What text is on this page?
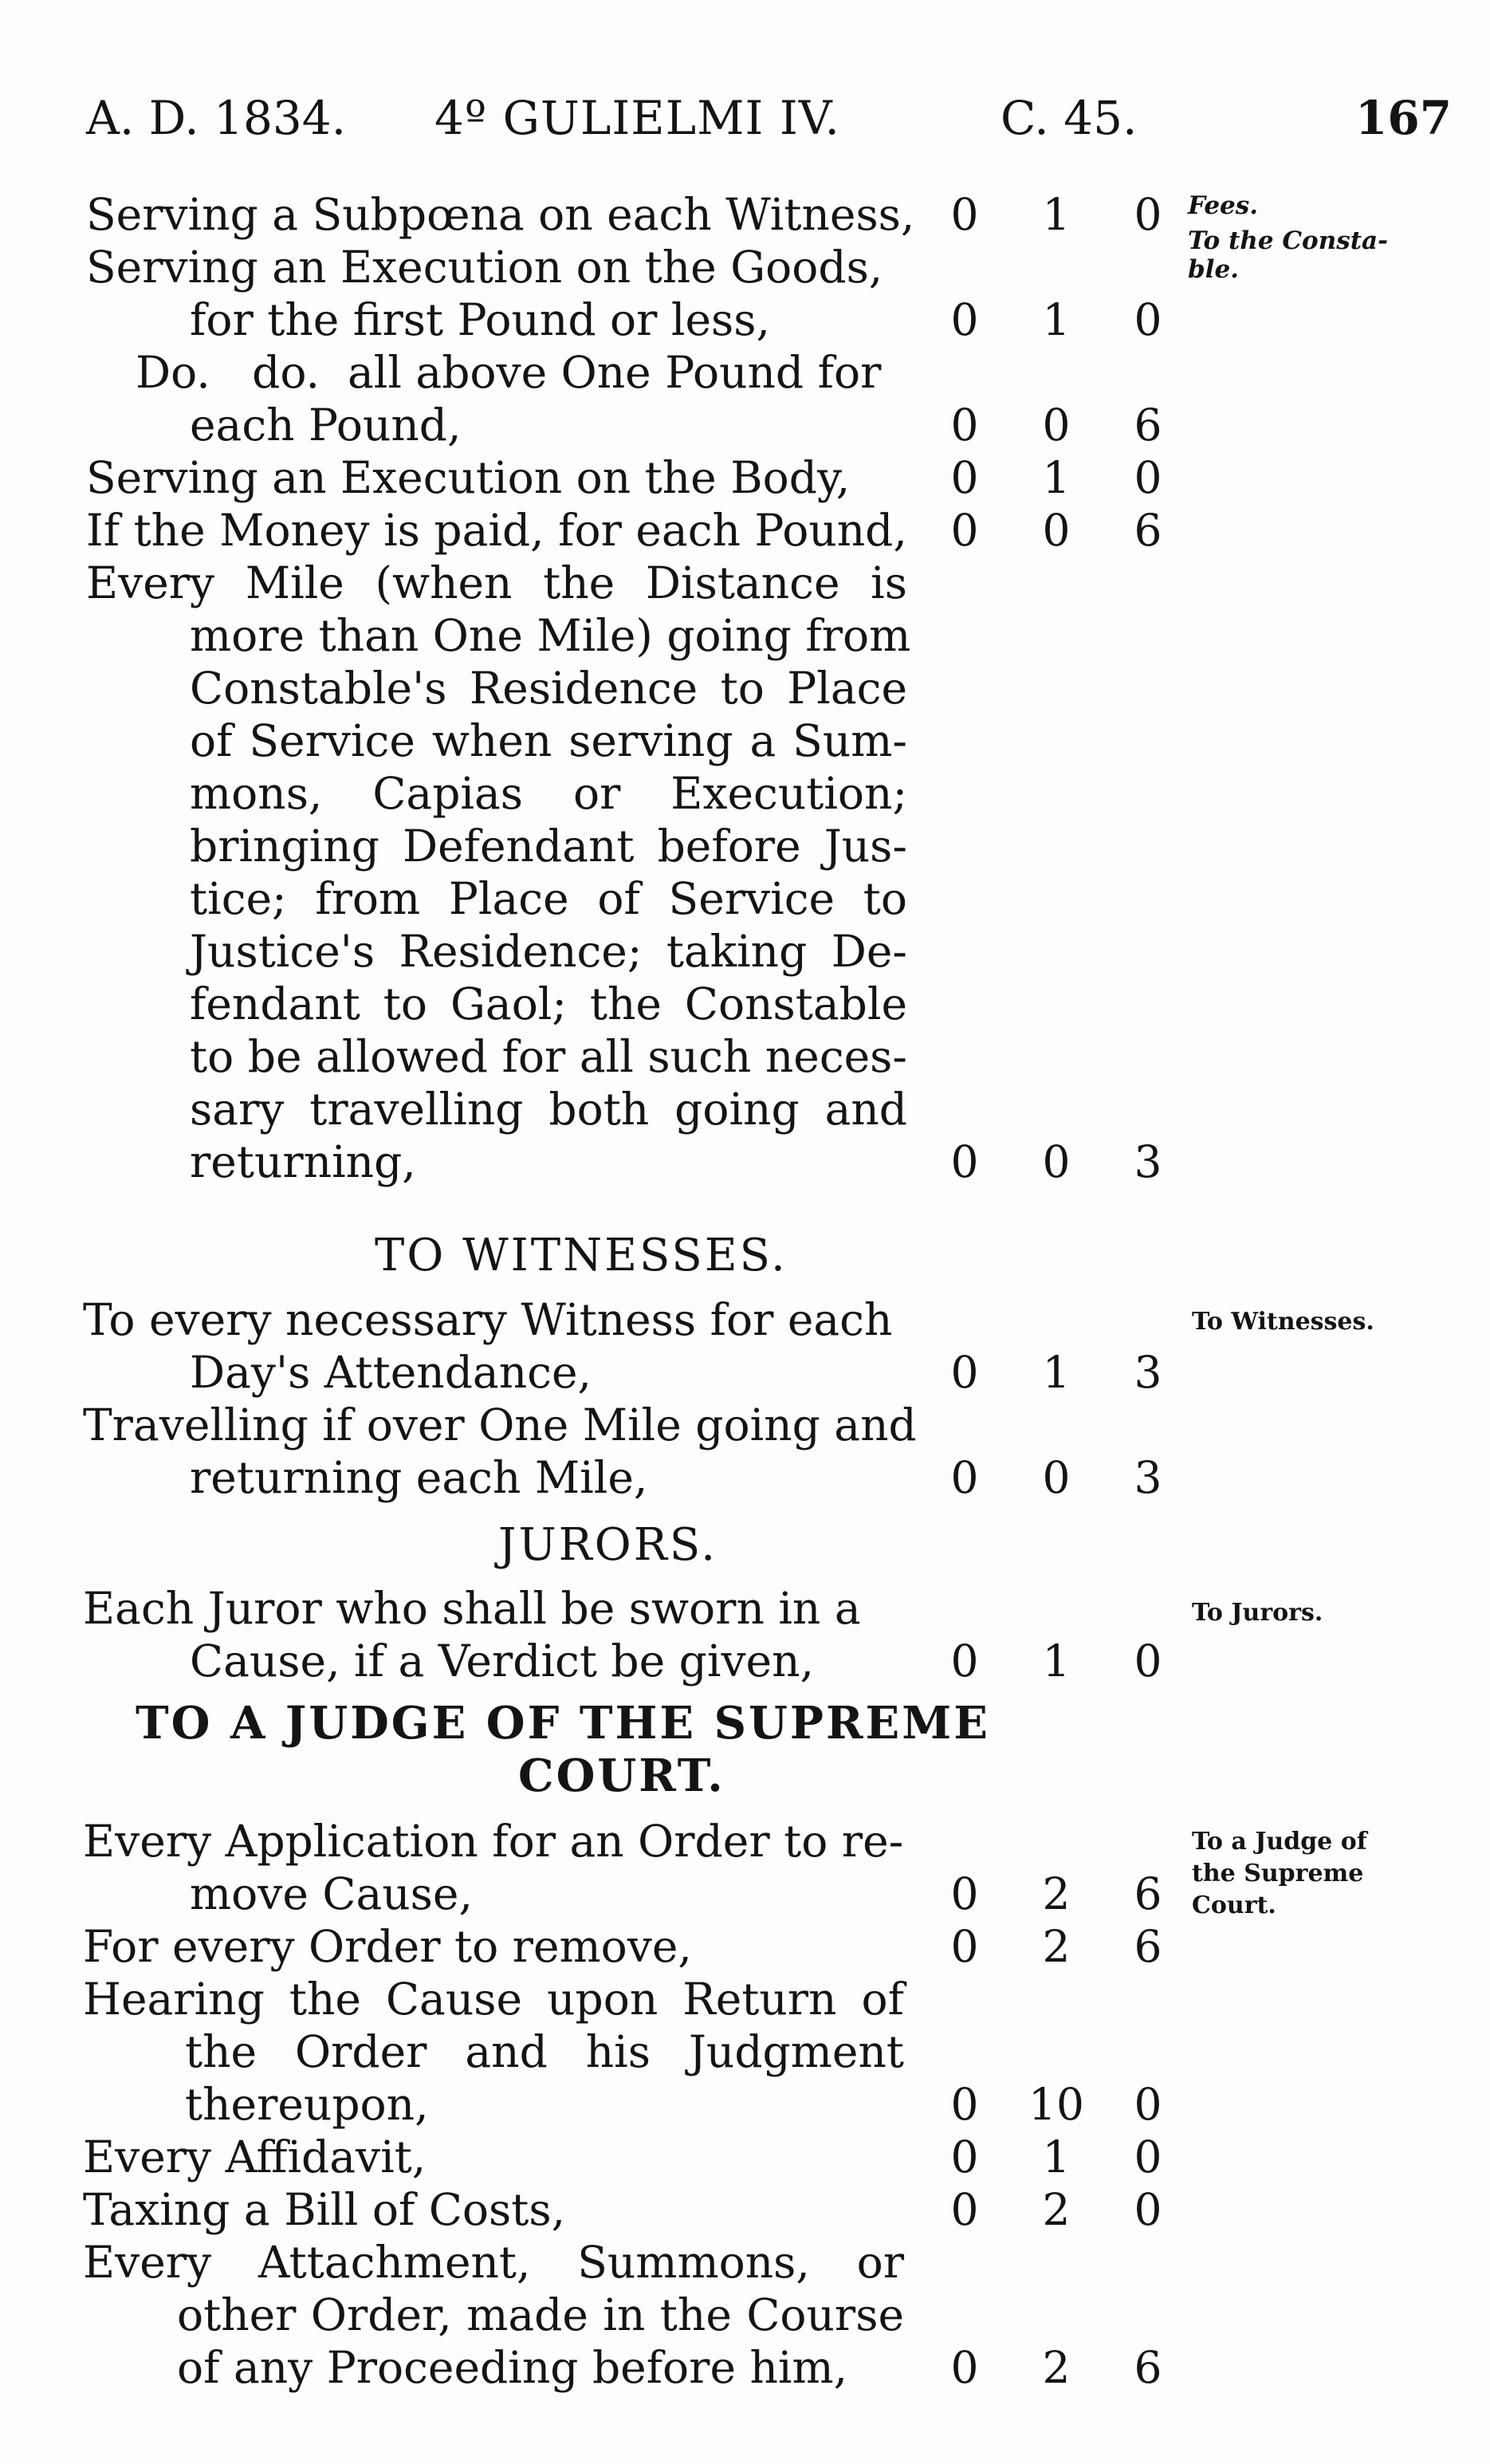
A. D. 1834. 4º GULIELMI IV.	C. 45.	167
Fees.
To the Consta-
ble.
To Witnesses.
To Jurors.
To a Judge of
the Supreme
Court.
TO WITNESSES.
JURORS.
TO A JUDGE OF THE SUPREME
COURT.
Serving a Subpœna on each Witness, 0	1	0
Serving an Execution on the Goods,
for the first Pound or less,	0	1	0
Do.   do.  all above One Pound for
each Pound,	0	0	6
Serving an Execution on the Body,	0	1	0
If the Money is paid, for each Pound, 0	0	6
Every Mile (when the Distance is
more than One Mile) going from
Constable's Residence to Place
of Service when serving a Sum-
mons, Capias or Execution;
bringing Defendant before Jus-
tice; from Place of Service to
Justice's Residence; taking De-
fendant to Gaol; the Constable
to be allowed for all such neces-
sary travelling both going and
returning,	0	0	3
To every necessary Witness for each
Day's Attendance,	0	1	3
Travelling if over One Mile going and
returning each Mile,	0	0	3
Each Juror who shall be sworn in a
Cause, if a Verdict be given,	0	1	0
Every Application for an Order to re-
move Cause,	0	2	6
For every Order to remove,	0	2	6
Hearing the Cause upon Return of
the Order and his Judgment
thereupon,	0	10	0
Every Affidavit,	0	1	0
Taxing a Bill of Costs,	0	2	0
Every Attachment, Summons, or
other Order, made in the Course
of any Proceeding before him,	0	2	6
